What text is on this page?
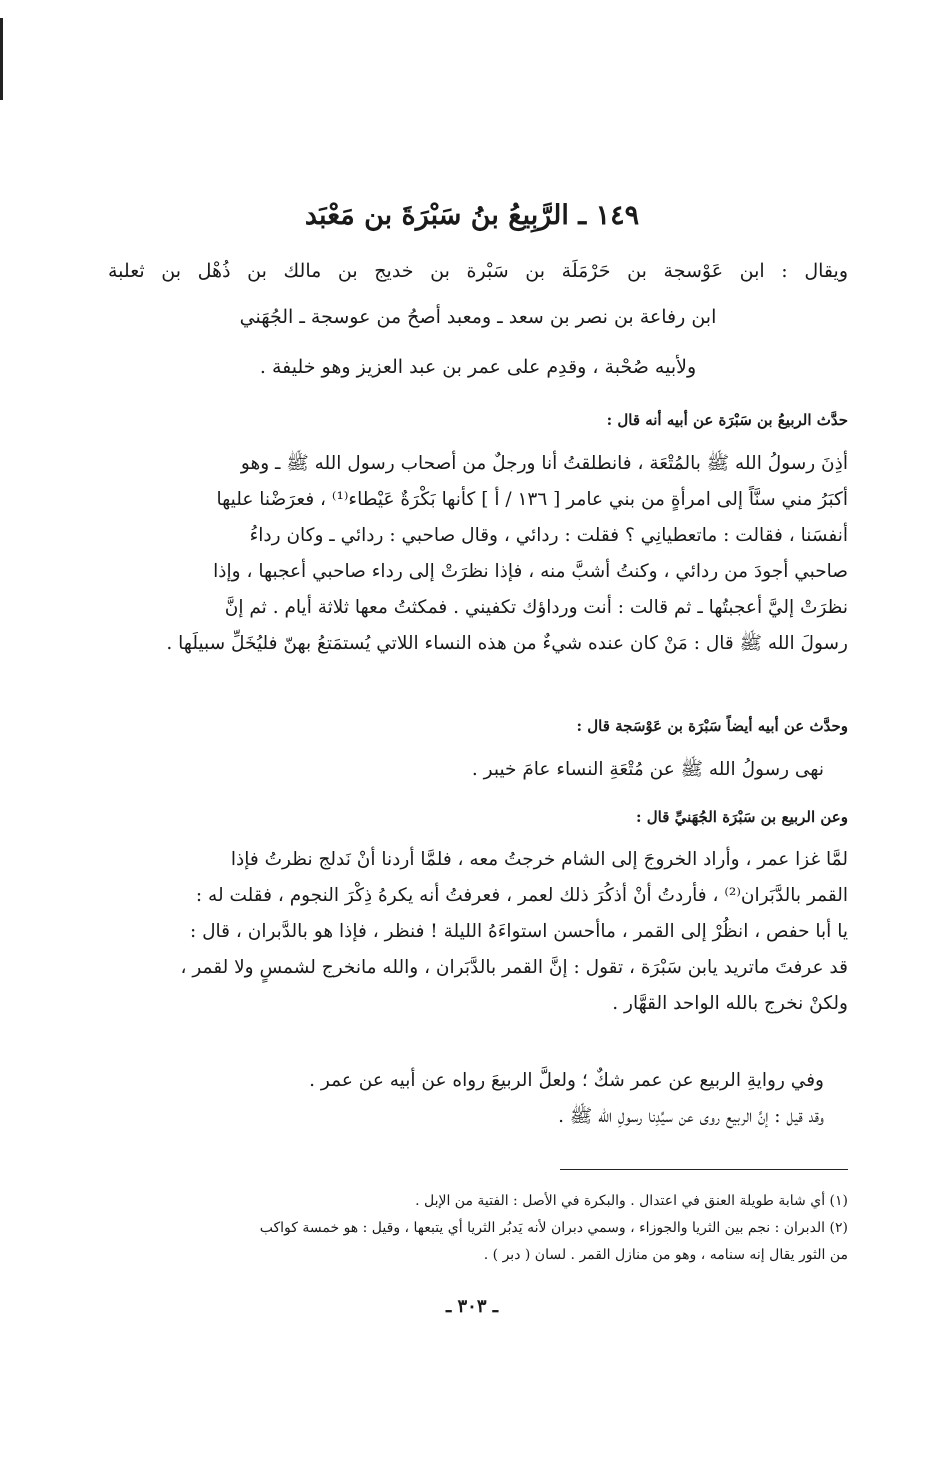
١٤٩ ـ الرَّبِيعُ بنُ سَبْرَةَ بن مَعْبَد
ويقال : ابن عَوْسجة بن حَرْمَلَة بن سَبْرة بن خديج بن مالك بن ذُهْل بن ثعلبة
ابن رفاعة بن نصر بن سعد ـ ومعبد أصحُ من عوسجة ـ الجُهَني
ولأبيه صُحْبة ، وقدِم على عمر بن عبد العزيز وهو خليفة .
حدَّث الربيعُ بن سَبْرَة عن أبيه أنه قال :
أذِنَ رسولُ الله ﷺ بالمُتْعَة ، فانطلقتُ أنا ورجلٌ من أصحاب رسول الله ﷺ ـ وهو
أكبَرُ مني سنَّاً إلى امرأةٍ من بني عامر [ ١٣٦ / أ ] كأنها بَكْرَةٌ عَيْطاء⁽¹⁾ ، فعرَضْنا عليها
أنفسَنا ، فقالت : ماتعطيانِي ؟ فقلت : ردائي ، وقال صاحبي : ردائي ـ وكان رداءُ
صاحبي أجودَ من ردائي ، وكنتُ أشبَّ منه ، فإذا نظرَتْ إلى رداء صاحبي أعجبها ، وإذا
نظرَتْ إليَّ أعجبتُها ـ ثم قالت : أنت ورداؤك تكفيني . فمكثتُ معها ثلاثة أيام . ثم إنَّ
رسولَ الله ﷺ قال : مَنْ كان عنده شيءٌ من هذه النساء اللاتي يُستمَتعُ بهنّ فليُخَلِّ سبيلَها .
وحدَّث عن أبيه أيضاً سَبْرَة بن عَوْسَجة قال :
نهى رسولُ الله ﷺ عن مُتْعَةِ النساء عامَ خيبر .
وعن الربيع بن سَبْرَة الجُهَنيِّ قال :
لمَّا غزا عمر ، وأراد الخروجَ إلى الشام خرجتُ معه ، فلمَّا أردنا أنْ نَدلج نظرتُ فإذا
القمر بالدَّبَران⁽²⁾ ، فأردتُ أنْ أذكُرَ ذلك لعمر ، فعرفتُ أنه يكرهُ ذِكْرَ النجوم ، فقلت له :
يا أبا حفص ، انظُرْ إلى القمر ، ماأحسن استواءَهُ الليلة ! فنظر ، فإذا هو بالدَّبران ، قال :
قد عرفتَ ماتريد يابن سَبْرَة ، تقول : إنَّ القمر بالدَّبَران ، والله مانخرج لشمسٍ ولا لقمر ،
ولكنْ نخرج بالله الواحد القهَّار .
وفي روايةِ الربيع عن عمر شكٌ ؛ ولعلَّ الربيعَ رواه عن أبيه عن عمر .
وقد قيل : إنَّ الربيع روى عن سيِّدِنا رسولِ الله ﷺ .

(١) أي شابة طويلة العنق في اعتدال . والبكرة في الأصل : الفتية من الإبل .

(٢) الدبران : نجم بين الثريا والجوزاء ، وسمي دبران لأنه يَدبُر الثريا أي يتبعها ، وقيل : هو خمسة كواكب

من الثور يقال إنه سنامه ، وهو من منازل القمر . لسان ( دبر ) .

ـ ٣٠٣ ـ
